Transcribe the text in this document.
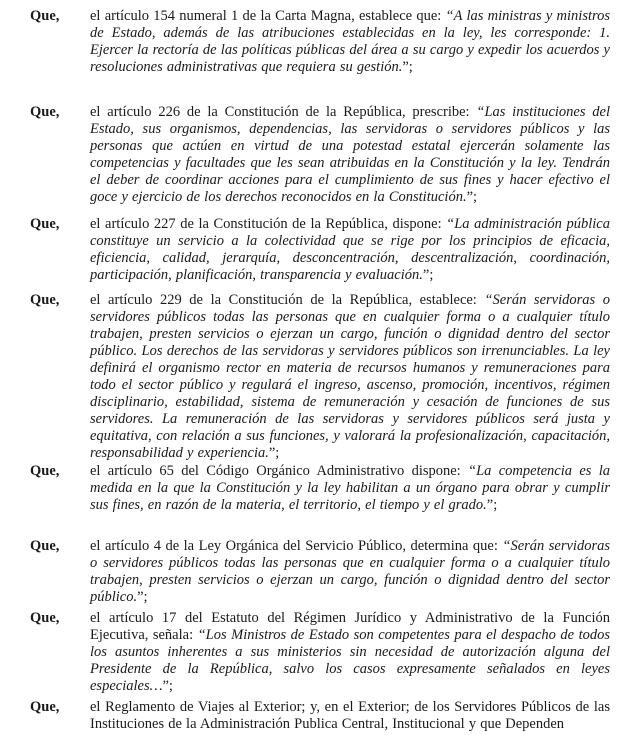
Que, el artículo 154 numeral 1 de la Carta Magna, establece que: “A las ministras y ministros de Estado, además de las atribuciones establecidas en la ley, les corresponde: 1. Ejercer la rectoría de las políticas públicas del área a su cargo y expedir los acuerdos y resoluciones administrativas que requiera su gestión.”;
Que, el artículo 226 de la Constitución de la República, prescribe: “Las instituciones del Estado, sus organismos, dependencias, las servidoras o servidores públicos y las personas que actúen en virtud de una potestad estatal ejercerán solamente las competencias y facultades que les sean atribuidas en la Constitución y la ley. Tendrán el deber de coordinar acciones para el cumplimiento de sus fines y hacer efectivo el goce y ejercicio de los derechos reconocidos en la Constitución.”;
Que, el artículo 227 de la Constitución de la República, dispone: “La administración pública constituye un servicio a la colectividad que se rige por los principios de eficacia, eficiencia, calidad, jerarquía, desconcentración, descentralización, coordinación, participación, planificación, transparencia y evaluación.”;
Que, el artículo 229 de la Constitución de la República, establece: “Serán servidoras o servidores públicos todas las personas que en cualquier forma o a cualquier título trabajen, presten servicios o ejerzan un cargo, función o dignidad dentro del sector público. Los derechos de las servidoras y servidores públicos son irrenunciables. La ley definirá el organismo rector en materia de recursos humanos y remuneraciones para todo el sector público y regulará el ingreso, ascenso, promoción, incentivos, régimen disciplinario, estabilidad, sistema de remuneración y cesación de funciones de sus servidores. La remuneración de las servidoras y servidores públicos será justa y equitativa, con relación a sus funciones, y valorará la profesionalización, capacitación, responsabilidad y experiencia.”;
Que, el artículo 65 del Código Orgánico Administrativo dispone: “La competencia es la medida en la que la Constitución y la ley habilitan a un órgano para obrar y cumplir sus fines, en razón de la materia, el territorio, el tiempo y el grado.”;
Que, el artículo 4 de la Ley Orgánica del Servicio Público, determina que: “Serán servidoras o servidores públicos todas las personas que en cualquier forma o a cualquier título trabajen, presten servicios o ejerzan un cargo, función o dignidad dentro del sector público.”;
Que, el artículo 17 del Estatuto del Régimen Jurídico y Administrativo de la Función Ejecutiva, señala: “Los Ministros de Estado son competentes para el despacho de todos los asuntos inherentes a sus ministerios sin necesidad de autorización alguna del Presidente de la República, salvo los casos expresamente señalados en leyes especiales…”;
Que, el Reglamento de Viajes al Exterior; y, en el Exterior; de los Servidores Públicos de las Instituciones de la Administración Publica Central, Institucional y que Dependen
